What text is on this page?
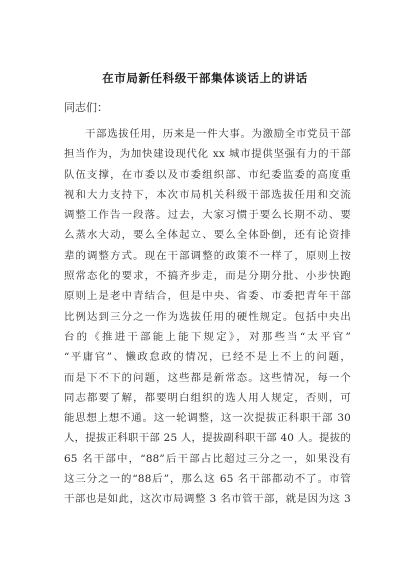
在市局新任科级干部集体谈话上的讲话
同志们：
干部选拔任用，历来是一件大事。为激励全市党员干部
担当作为，为加快建设现代化 xx 城市提供坚强有力的干部
队伍支撑，在市委以及市委组织部、市纪委监委的高度重
视和大力支持下，本次市局机关科级干部选拔任用和交流
调整工作告一段落。过去，大家习惯于要么长期不动、要
么蒸水大动，要么全体起立、要么全体卧倒，还有论资排
辈的调整方式。现在干部调整的政策不一样了，原则上按
照常态化的要求，不搞齐步走，而是分期分批、小步快跑
原则上是老中青结合，但是中央、省委、市委把青年干部
比例达到三分之一作为选拔任用的硬性规定。包括中央出
台的《推进干部能上能下规定》，对那些当“太平官”
“平庸官”、懒政怠政的情况，已经不是上不上的问题，
而是下不下的问题，这些都是新常态。这些情况，每一个
同志都要了解，都要明白组织的选人用人规定，否则，可
能思想上想不通。这一轮调整，这一次提拔正科职干部 30
人，提拔正科职干部 25 人，提拔副科职干部 40 人。提拔的
65 名干部中，“88”后干部占比超过三分之一，如果没有
这三分之一的“88后”，那么这 65 名干部都动不了。市管
干部也是如此，这次市局调整 3 名市管干部，就是因为这 3
